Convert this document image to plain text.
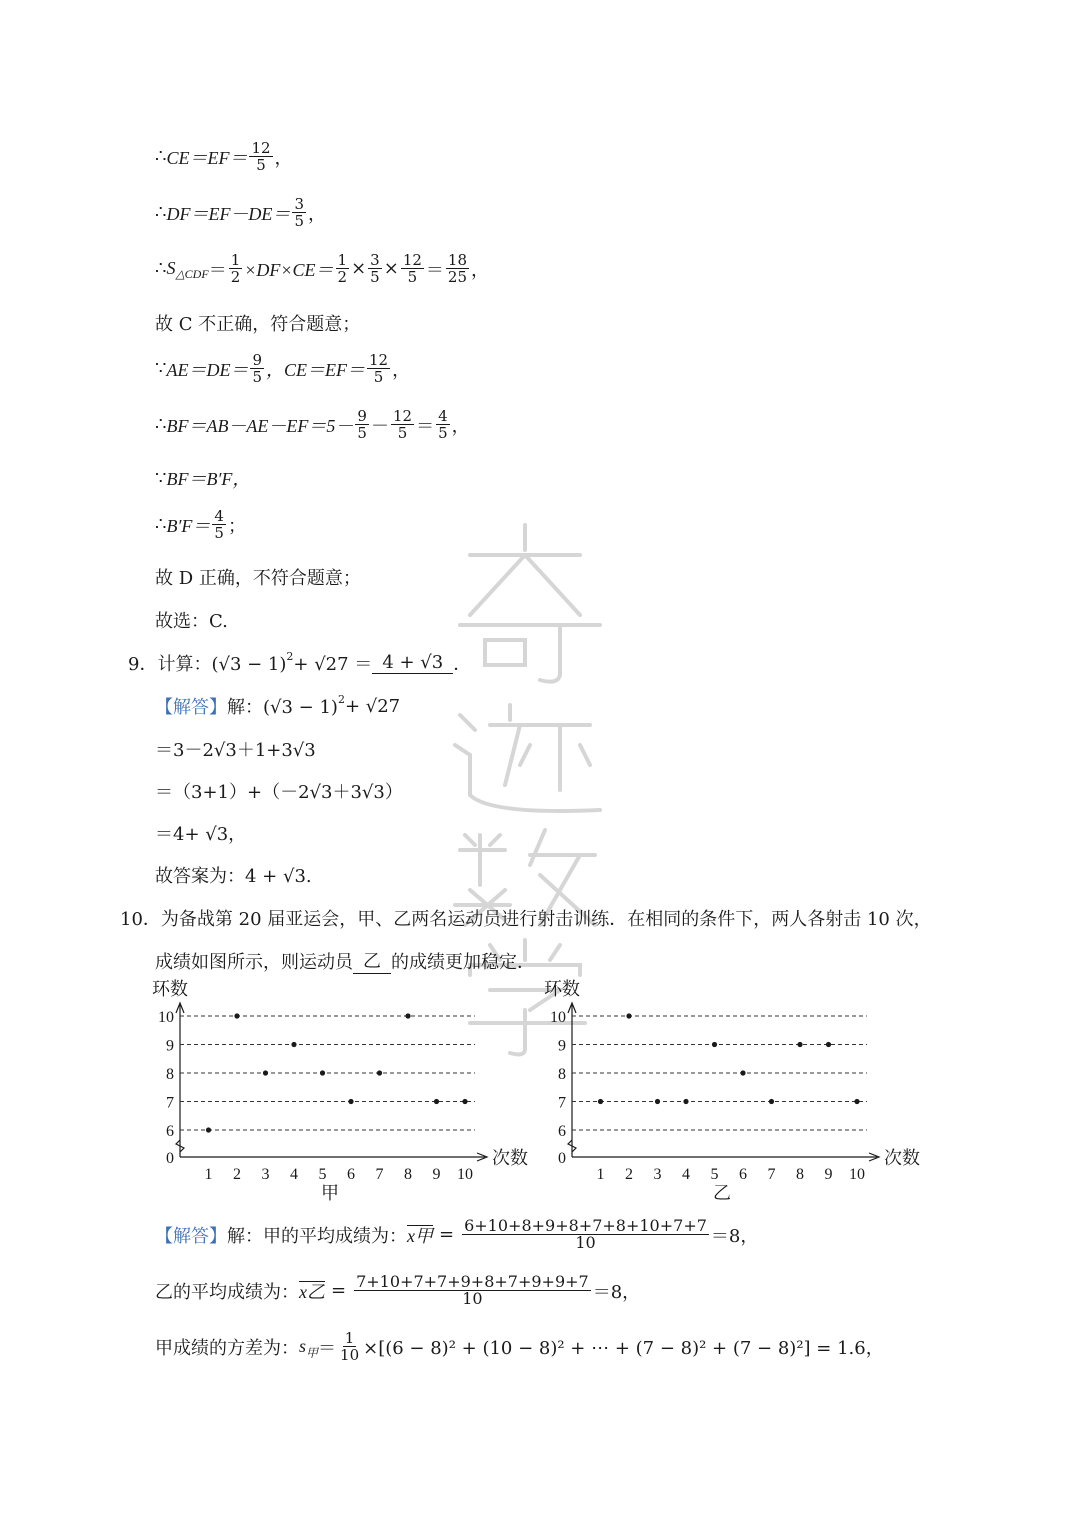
∴ $CE=EF= \frac{12}{5}$ ，
∴ $DF=EF-DE= \frac{3}{5}$ ，
∴ S △CDF ＝ $\frac{1}{2} \times DF\times CE= \frac{1}{2} \times \frac{3}{5} \times \frac{12}{5} = \frac{18}{25}$ ，
故 C 不正确，符合题意；
∵ $AE=DE= \frac{9}{5}$ ，$CE=EF= \frac{12}{5}$ ，
∴ $BF=AB-AE-EF=5- \frac{9}{5} - \frac{12}{5} = \frac{4}{5}$ ，
∵ BF＝B′F，
∴ $B'F= \frac{4}{5}$ ；
故 D 正确，不符合题意；
故选：C.
9． 计算：(√3 − 1) 2 + √27 ＝ 4 + √3 ．
【解答】 解：(√3 − 1) 2 + √27
＝3－2√3＋1+3√3
＝（3+1）+（－2√3＋3√3）
＝4+ √3，
故答案为：4 + √3.
10． 为备战第 20 届亚运会，甲、乙两名运动员进行射击训练．在相同的条件下，两人各射击 10 次，
成绩如图所示，则运动员 乙 的成绩更加稳定．
环数
次数
0
6
7
8
9
10
1 2 3 4 5 6 7 8 9 10
甲
环数
次数
0
6
7
8
9
10
1 2 3 4 5 6 7 8 9 10
乙
【解答】 解：甲的平均成绩为： x甲 = $\frac{6+10+8+9+8+7+8+10+7+7}{10} =8$，
乙的平均成绩为： x乙 = $\frac{7+10+7+7+9+8+7+9+9+7}{10} =8$，
甲成绩的方差为： s 甲 ＝ $\frac{1}{10} \times[(6 - 8)^2 + (10 - 8)^2$ + ⋯ + (7 − 8)² + (7 − 8)²] = 1.6，
